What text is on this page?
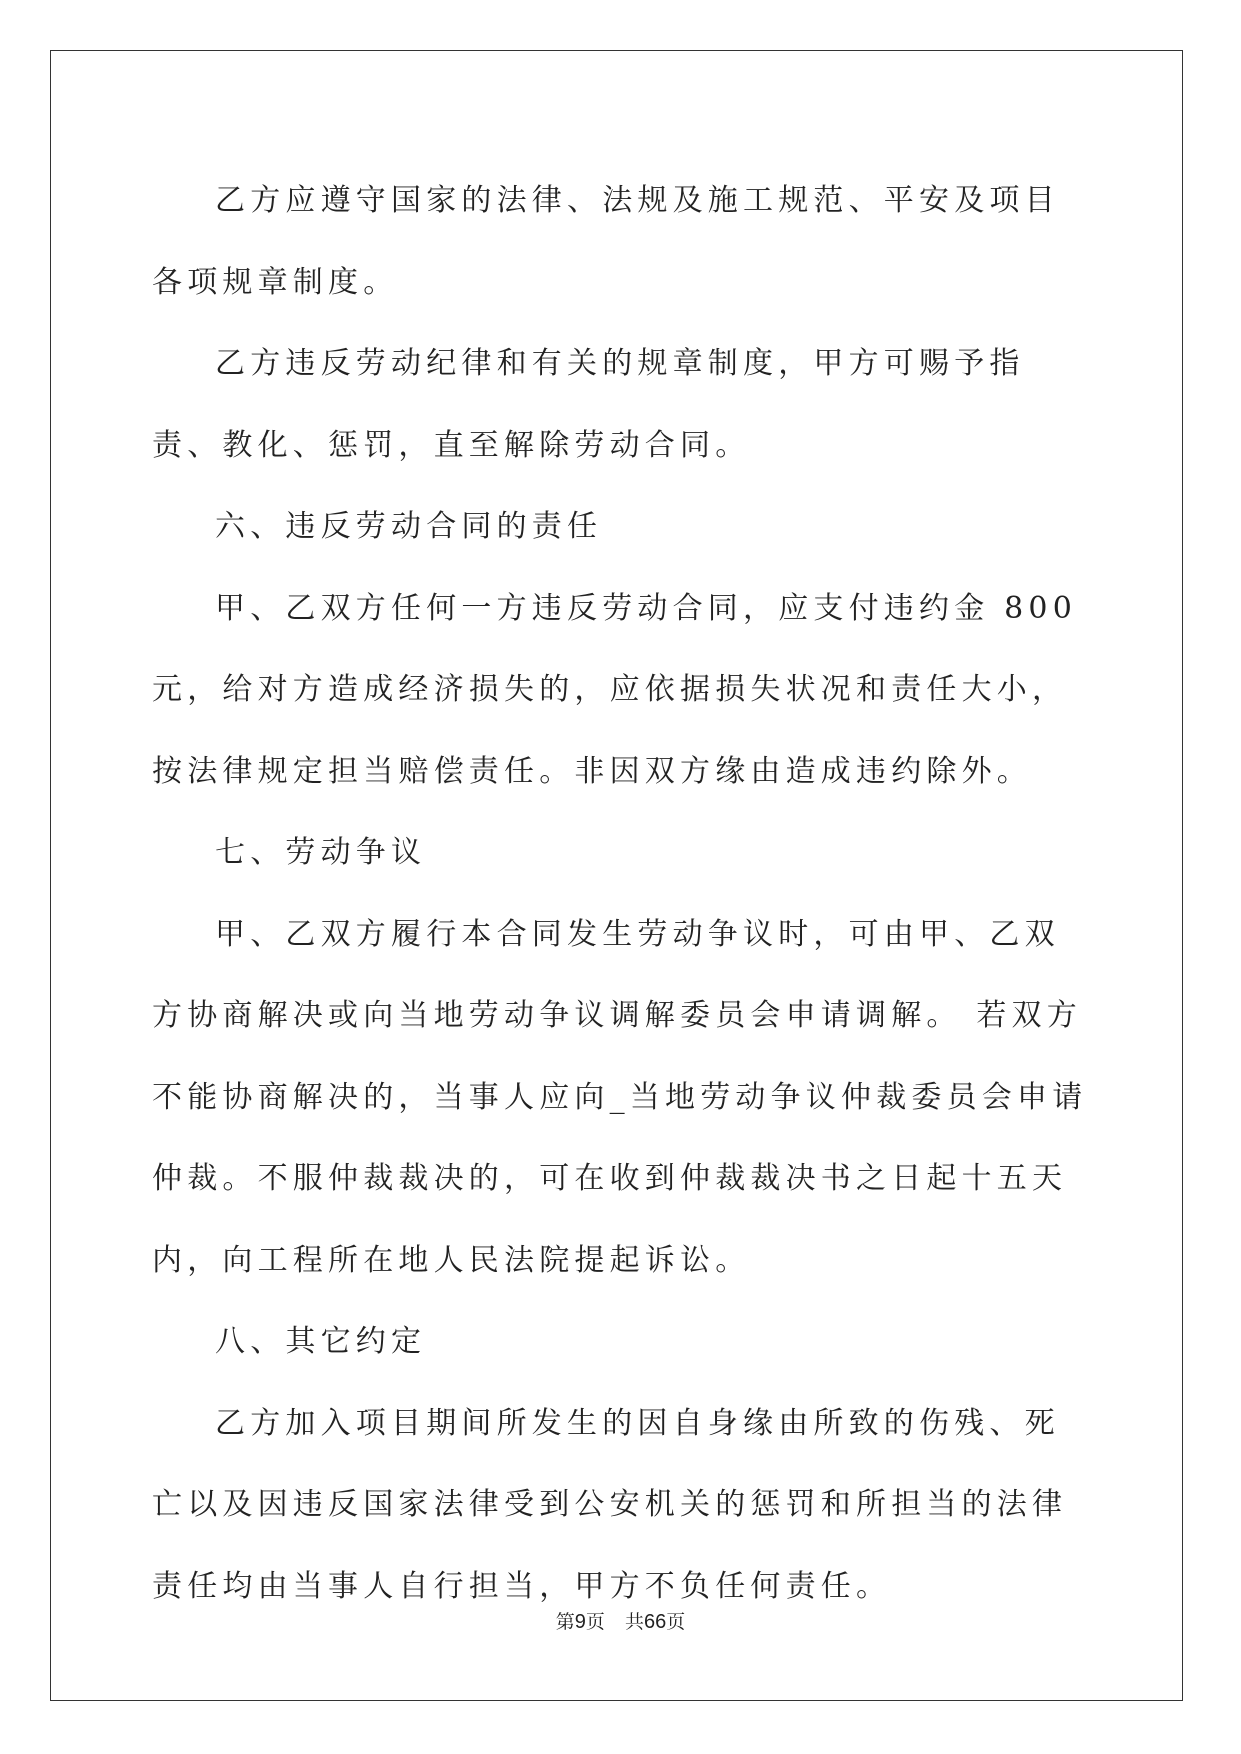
乙方应遵守国家的法律、法规及施工规范、平安及项目各项规章制度。

乙方违反劳动纪律和有关的规章制度，甲方可赐予指责、教化、惩罚，直至解除劳动合同。

六、违反劳动合同的责任

甲、乙双方任何一方违反劳动合同，应支付违约金 800 元，给对方造成经济损失的，应依据损失状况和责任大小，按法律规定担当赔偿责任。非因双方缘由造成违约除外。

七、劳动争议

甲、乙双方履行本合同发生劳动争议时，可由甲、乙双方协商解决或向当地劳动争议调解委员会申请调解。 若双方不能协商解决的，当事人应向_当地劳动争议仲裁委员会申请仲裁。不服仲裁裁决的，可在收到仲裁裁决书之日起十五天内，向工程所在地人民法院提起诉讼。

八、其它约定

乙方加入项目期间所发生的因自身缘由所致的伤残、死亡以及因违反国家法律受到公安机关的惩罚和所担当的法律责任均由当事人自行担当，甲方不负任何责任。

第9页 共66页
